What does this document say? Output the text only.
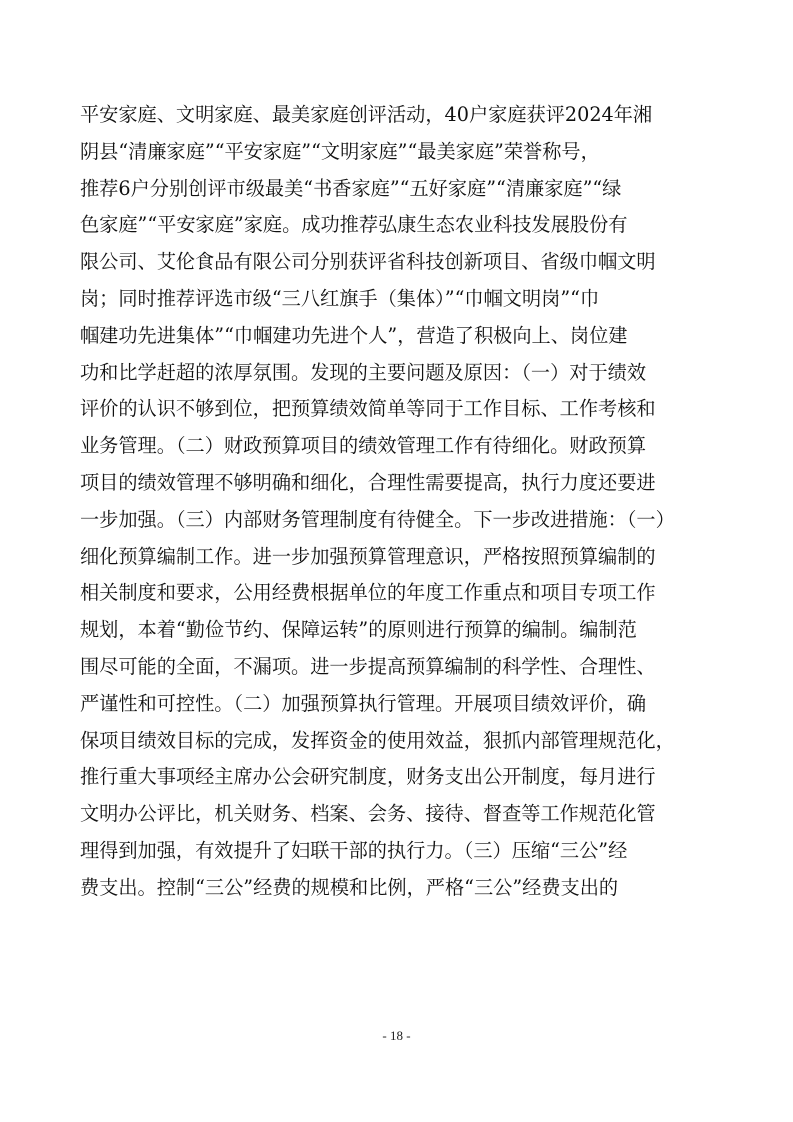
平安家庭、文明家庭、最美家庭创评活动，40户家庭获评2024年湘
阴县“清廉家庭”“平安家庭”“文明家庭”“最美家庭”荣誉称号，
推荐6户分别创评市级最美“书香家庭”“五好家庭”“清廉家庭”“绿
色家庭”“平安家庭”家庭。成功推荐弘康生态农业科技发展股份有
限公司、艾伦食品有限公司分别获评省科技创新项目、省级巾帼文明
岗；同时推荐评选市级“三八红旗手（集体）”“巾帼文明岗”“巾
帼建功先进集体”“巾帼建功先进个人”，营造了积极向上、岗位建
功和比学赶超的浓厚氛围。发现的主要问题及原因：（一）对于绩效
评价的认识不够到位，把预算绩效简单等同于工作目标、工作考核和
业务管理。（二）财政预算项目的绩效管理工作有待细化。财政预算
项目的绩效管理不够明确和细化，合理性需要提高，执行力度还要进
一步加强。（三）内部财务管理制度有待健全。下一步改进措施：（一）
细化预算编制工作。进一步加强预算管理意识，严格按照预算编制的
相关制度和要求，公用经费根据单位的年度工作重点和项目专项工作
规划，本着“勤俭节约、保障运转”的原则进行预算的编制。编制范
围尽可能的全面，不漏项。进一步提高预算编制的科学性、合理性、
严谨性和可控性。（二）加强预算执行管理。开展项目绩效评价，确
保项目绩效目标的完成，发挥资金的使用效益，狠抓内部管理规范化，
推行重大事项经主席办公会研究制度，财务支出公开制度，每月进行
文明办公评比，机关财务、档案、会务、接待、督查等工作规范化管
理得到加强，有效提升了妇联干部的执行力。（三）压缩“三公”经
费支出。控制“三公”经费的规模和比例，严格“三公”经费支出的
- 18 -
